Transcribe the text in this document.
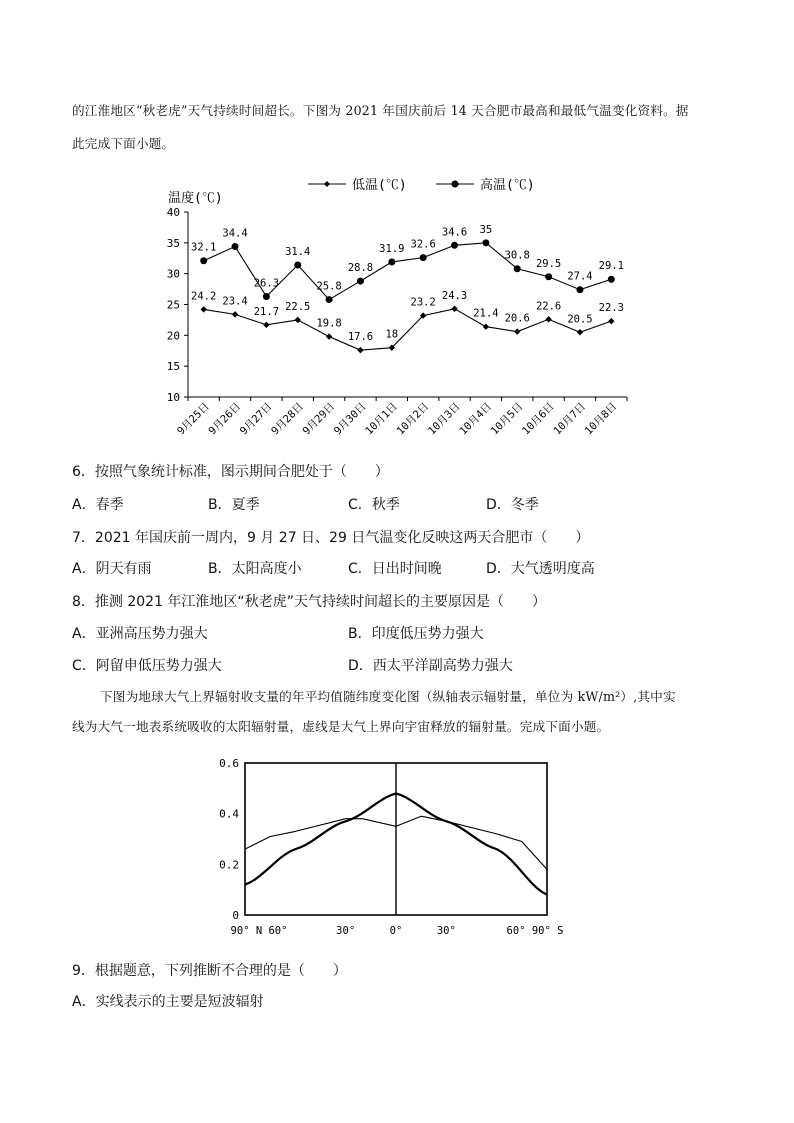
的江淮地区“秋老虎”天气持续时间超长。下图为 2021 年国庆前后 14 天合肥市最高和最低气温变化资料。据
此完成下面小题。
低温(℃)	高温(℃)
温度(℃)
10
15
20
25
30
35
40
9月25日
9月26日
9月27日
9月28日
9月29日
9月30日
10月1日
10月2日
10月3日
10月4日
10月5日
10月6日
10月7日
10月8日
24.2 23.4
21.7 22.5
19.8
17.6 18
23.2
24.3
21.4 20.6
22.6
20.5
22.3
32.1
34.4
26.3
31.4
25.8
28.8
31.9 32.6
34.6 35
30.8
29.5
27.4
29.1
6．按照气象统计标准，图示期间合肥处于（　　）
A．春季	B．夏季	C．秋季	D．冬季
7．2021 年国庆前一周内，9 月 27 日、29 日气温变化反映这两天合肥市（　　）
A．阴天有雨	B．太阳高度小	C．日出时间晚	D．大气透明度高
8．推测 2021 年江淮地区“秋老虎”天气持续时间超长的主要原因是（　　）
A．亚洲高压势力强大	B．印度低压势力强大
C．阿留申低压势力强大	D．西太平洋副高势力强大
下图为地球大气上界辐射收支量的年平均值随纬度变化图（纵轴表示辐射量，单位为 kW/m²）,其中实
线为大气一地表系统吸收的太阳辐射量，虚线是大气上界向宇宙释放的辐射量。完成下面小题。
0
0.2
0.4
0.6
90° N 60°	30°	0°	30°	60° 90° S
9．根据题意，下列推断不合理的是（　　）
A．实线表示的主要是短波辐射
